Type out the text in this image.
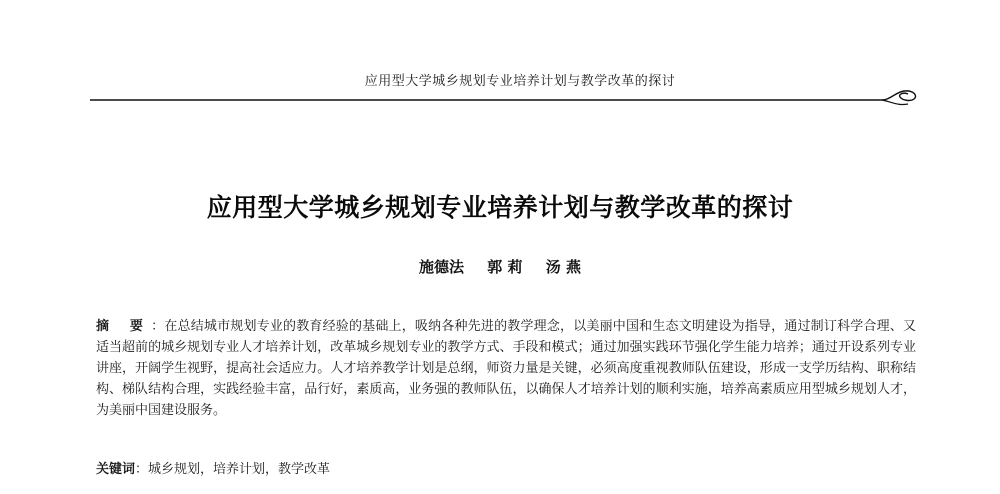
应用型大学城乡规划专业培养计划与教学改革的探讨
应用型大学城乡规划专业培养计划与教学改革的探讨
施德法 郭 莉 汤 燕
摘 要：在总结城市规划专业的教育经验的基础上，吸纳各种先进的教学理念，以美丽中国和生态文明建设为指导，通过制订科学合理、又适当超前的城乡规划专业人才培养计划，改革城乡规划专业的教学方式、手段和模式；通过加强实践环节强化学生能力培养；通过开设系列专业讲座，开阔学生视野，提高社会适应力。人才培养教学计划是总纲，师资力量是关键，必须高度重视教师队伍建设，形成一支学历结构、职称结构、梯队结构合理，实践经验丰富，品行好，素质高，业务强的教师队伍，以确保人才培养计划的顺利实施，培养高素质应用型城乡规划人才，为美丽中国建设服务。
关键词：城乡规划，培养计划，教学改革
